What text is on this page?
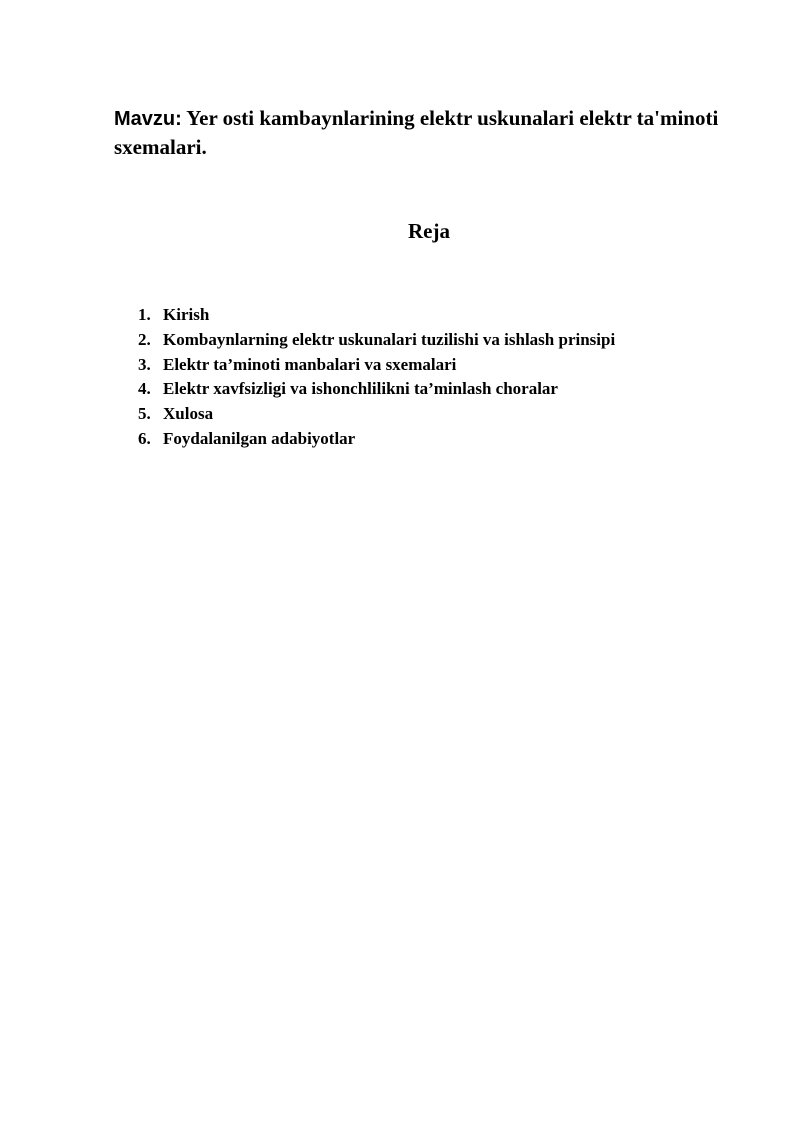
Mavzu: Yer osti kambaynlarining elektr uskunalari elektr ta'minoti sxemalari.
Reja
1. Kirish
2. Kombaynlarning elektr uskunalari tuzilishi va ishlash prinsipi
3. Elektr ta’minoti manbalari va sxemalari
4. Elektr xavfsizligi va ishonchlilikni ta’minlash choralar
5. Xulosa
6. Foydalanilgan adabiyotlar
